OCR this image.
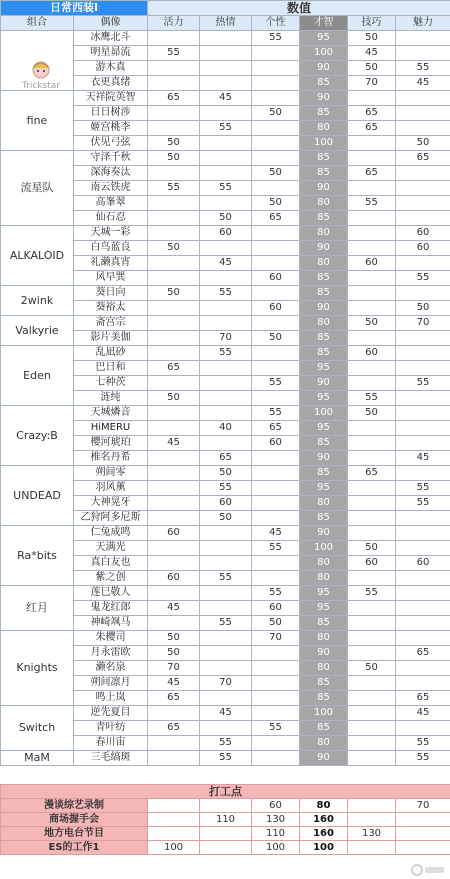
日常西装Ⅰ		数值					
组合	偶像	活力	热情	个性	才智	技巧	魅力
	冰鹰北斗			55	95	50	
	明星昴流	55			100	45	
	游木真				90	50	55
	衣更真绪				85	70	45
fine	天祥院英智	65	45		90		
	日日树涉			50	85	65	
	姬宫桃李		55		80	65	
	伏见弓弦	50			100		50
流星队	守泽千秋	50			85		65
	深海奏汰			50	85	65	
	南云铁虎	55	55		90		
	高峯翠			50	80	55	
	仙石忍		50	65	85		
ALKALOID	天城一彩		60		80		60
	白鸟蓝良	50			90		60
	礼濑真宵		45		80	60	
	风早巽			60	85		55
2wink	葵日向	50	55		85		
	葵裕太			60	90		50
Valkyrie	斋宫宗				80	50	70
	影片美伽		70	50	85		
Eden	乱凪砂		55		85	60	
	巴日和	65			95		
	七种茨			55	90		55
	涟纯	50			95	55	
Crazy:B	天城燐音			55	100	50	
	HiMERU		40	65	95		
	樱河琥珀	45		60	85		
	椎名丹希		65		90		45
UNDEAD	朔间零		50		85	65	
	羽风薰		55		95		55
	大神晃牙		60		80		55
	乙狩阿多尼斯		50		85		
Ra*bits	仁兔成鸣	60		45	90		
	天满光			55	100	50	
	真白友也				80	60	60
	紫之创	60	55		80		
红月	莲巳敬人			55	95	55	
	鬼龙红郎	45		60	95		
	神崎飒马		55	50	85		
Knights	朱樱司	50		70	80		
	月永雷欧	50			90		65
	濑名泉	70			80	50	
	朔间凛月	45	70		85		
	鸣上岚	65			85		65
Switch	逆先夏目		45		100		45
	青叶纺	65		55	85		
	春川宙		55		80		55
MaM	三毛缟斑		55		90		55
打工点						
漫谈综艺录制			60	80		70
商场握手会		110	130	160		
地方电台节目			110	160	130	
ES的工作1	100		100	100		
Trickstar
